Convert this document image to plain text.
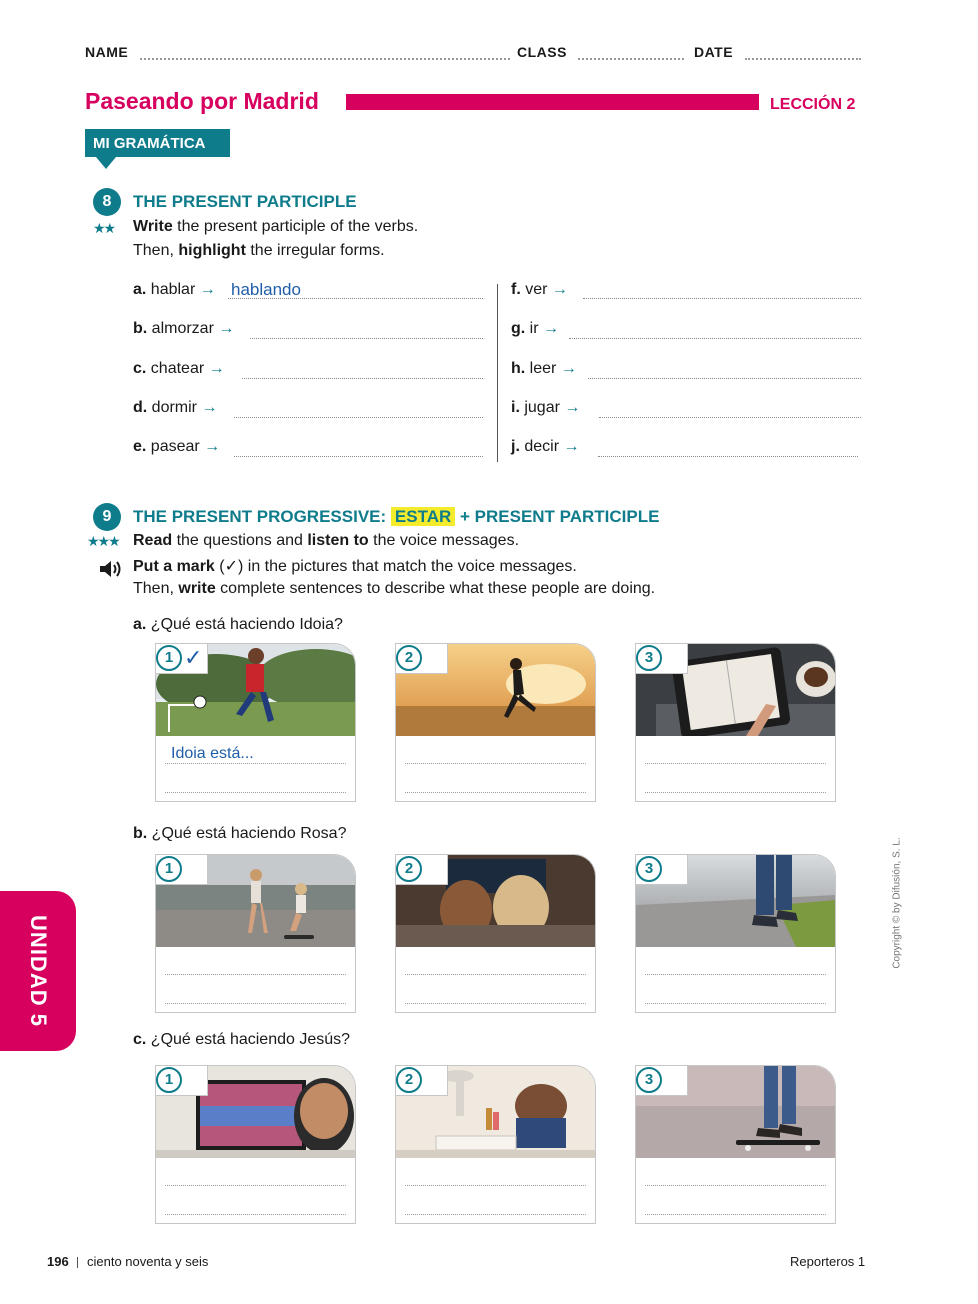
NAME	CLASS	DATE
Paseando por Madrid	LECCIÓN 2
MI GRAMÁTICA
8	THE PRESENT PARTICIPLE
★★ Write the present participle of the verbs.
Then, highlight the irregular forms.
a. hablar → hablando
b. almorzar →
c. chatear →
d. dormir →
e. pasear →
f. ver →
g. ir →
h. leer →
i. jugar →
j. decir →
9	THE PRESENT PROGRESSIVE: ESTAR + PRESENT PARTICIPLE
★★★ Read the questions and listen to the voice messages.
Put a mark (✓) in the pictures that match the voice messages.
Then, write complete sentences to describe what these people are doing.
a. ¿Qué está haciendo Idoia?
1 ✓
Idoia está...
2	3
b. ¿Qué está haciendo Rosa?
1	2	3
c. ¿Qué está haciendo Jesús?
1	2	3
UNIDAD 5
Copyright © by Difusión, S. L.
196 ciento noventa y seis	Reporteros 1
